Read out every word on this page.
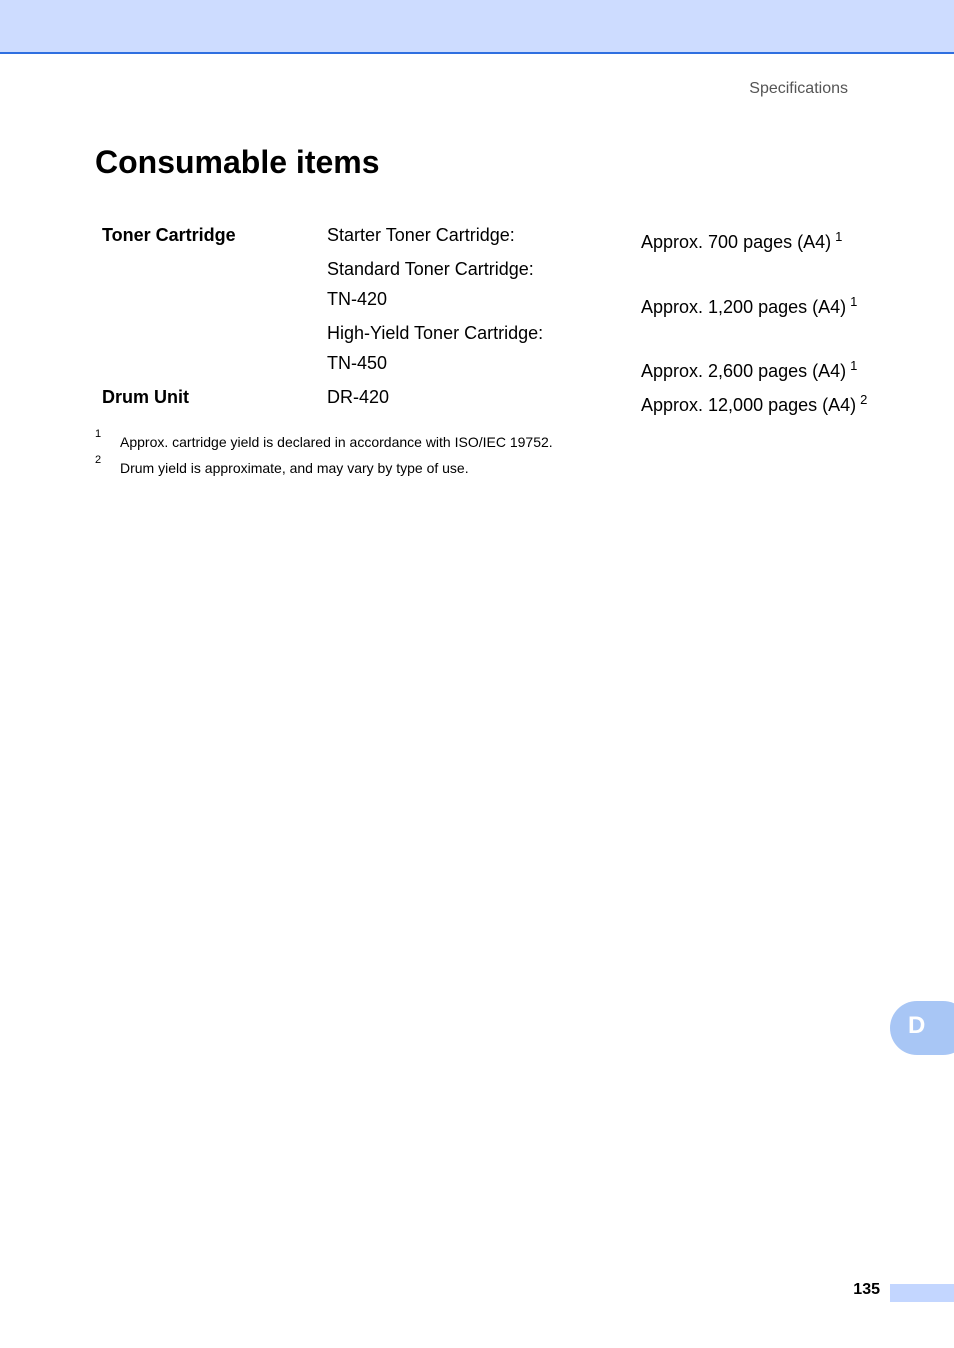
Specifications
Consumable items
Toner Cartridge	Starter Toner Cartridge:	Approx. 700 pages (A4) $^1$
Standard Toner Cartridge:
TN-420	Approx. 1,200 pages (A4) $^1$
High-Yield Toner Cartridge:
TN-450	Approx. 2,600 pages (A4) $^1$
Drum Unit	DR-420	Approx. 12,000 pages (A4) $^2$
1 Approx. cartridge yield is declared in accordance with ISO/IEC 19752.
2 Drum yield is approximate, and may vary by type of use.
D
135
